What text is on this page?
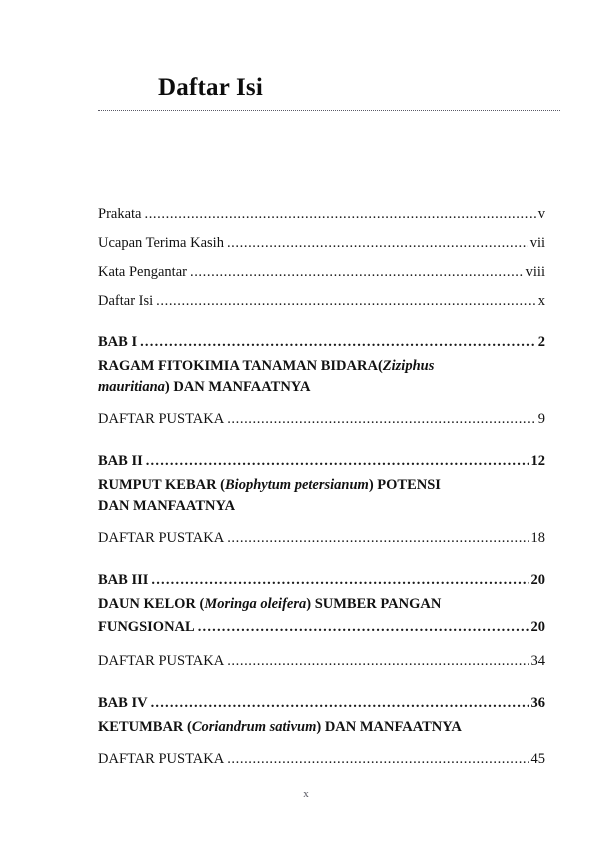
Daftar Isi
Prakata .....	v
Ucapan Terima Kasih .....	vii
Kata Pengantar .....	viii
Daftar Isi .....	x
BAB I .....	2
RAGAM FITOKIMIA TANAMAN BIDARA(Ziziphus mauritiana) DAN MANFAATNYA
DAFTAR PUSTAKA .....	9
BAB II .....	12
RUMPUT KEBAR (Biophytum petersianum) POTENSI DAN MANFAATNYA
DAFTAR PUSTAKA .....	18
BAB III .....	20
DAUN KELOR (Moringa oleifera) SUMBER PANGAN
FUNGSIONAL .....	20
DAFTAR PUSTAKA .....	34
BAB IV .....	36
KETUMBAR (Coriandrum sativum) DAN MANFAATNYA
DAFTAR PUSTAKA .....	45
x
